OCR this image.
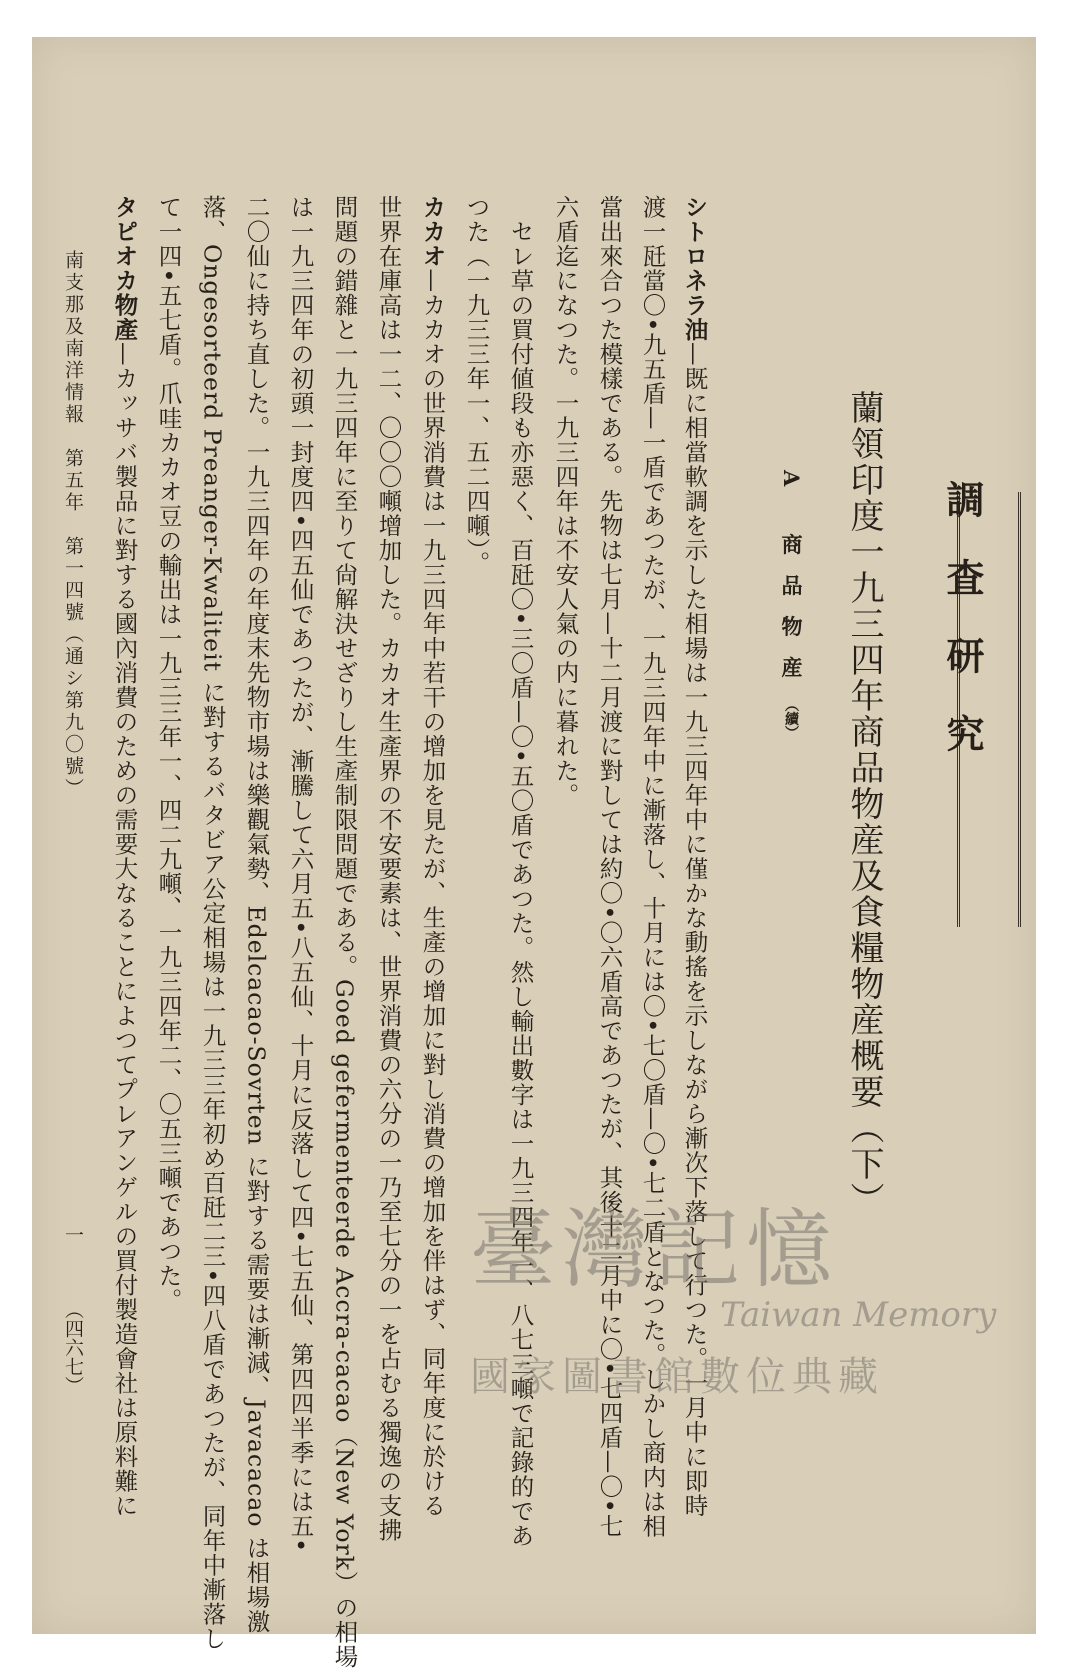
調査研究
蘭領印度一九三四年商品物産及食糧物産概要（下）
A 商品物産（續）
シトロネラ油—既に相當軟調を示した相場は一九三四年中に僅かな動搖を示しながら漸次下落して行つた。一月中に即時
渡一瓩當〇•九五盾—一盾であつたが、一九三四年中に漸落し、十月には〇•七〇盾—〇•七二盾となつた。しかし商内は相
當出來合つた模樣である。先物は七月—十二月渡に對しては約〇•〇六盾高であつたが、其後十二月中に〇•七四盾—〇•七
六盾迄になつた。一九三四年は不安人氣の内に暮れた。
　セレ草の買付値段も亦惡く、百瓩〇•三〇盾—〇•五〇盾であつた。然し輸出數字は一九三四年一、八七三噸で記錄的であ
つた（一九三三年一、五二四噸）。
カカオ—カカオの世界消費は一九三四年中若干の增加を見たが、生產の增加に對し消費の增加を伴はず、同年度に於ける
世界在庫高は一二、〇〇〇噸增加した。カカオ生產界の不安要素は、世界消費の六分の一乃至七分の一を占むる獨逸の支拂
問題の錯雜と一九三四年に至りて尙解決せざりし生產制限問題である。Goed gefermenteerde Accra-cacao（New York）の相場
は一九三四年の初頭一封度四•四五仙であつたが、漸騰して六月五•八五仙、十月に反落して四•七五仙、第四四半季には五•
二〇仙に持ち直した。一九三四年の年度末先物市場は樂觀氣勢、Edelcacao-Sovrten に對する需要は漸減、Javacacao は相場激
落、Ongesorteerd Preanger-Kwaliteit に對するバタビア公定相場は一九三三年初め百瓩二三•四八盾であつたが、同年中漸落し
て一四•五七盾。爪哇カカオ豆の輸出は一九三三年一、四二九噸、一九三四年二、〇五三噸であつた。
タピオカ物產—カッサバ製品に對する國內消費のための需要大なることによつてプレアンゲルの買付製造會社は原料難に
南支那及南洋情報　第五年　第一四號（通シ第九〇號）
一
（四六七）
臺灣記憶
Taiwan Memory
國家圖書館數位典藏
